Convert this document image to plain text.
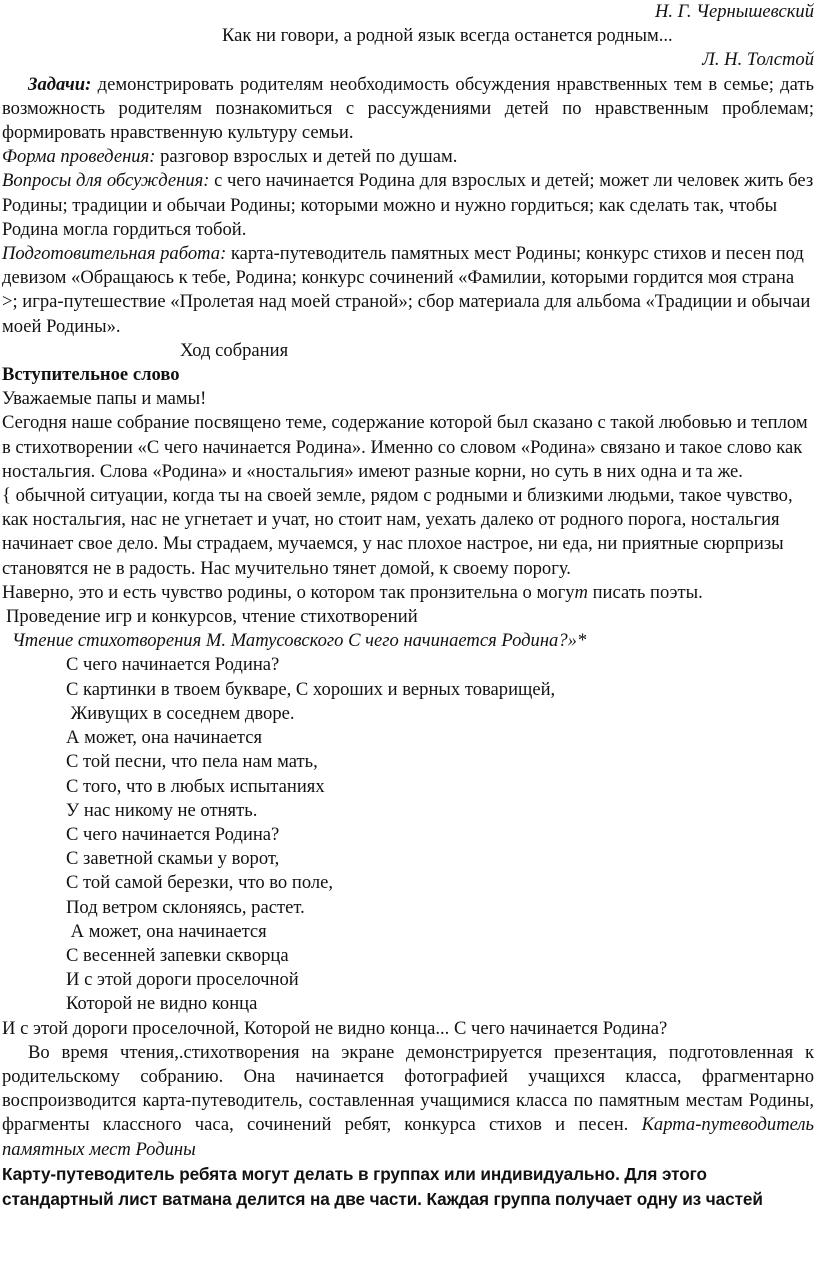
Н. Г. Чернышевский

Как ни говори, а родной язык всегда останется родным...

Л. Н. Толстой

Задачи: демонстрировать родителям необходимость обсуждения нравственных тем в семье; дать возможность родителям познакомиться с рассуждениями детей по нравственным проблемам; формировать нравственную культуру семьи.

Форма проведения: разговор взрослых и детей по душам.

Вопросы для обсуждения: с чего начинается Родина для взрослых и детей; может ли человек жить без Родины; традиции и обычаи Родины; которыми можно и нужно гордиться; как сделать так, чтобы Родина могла гордиться тобой.

Подготовительная работа: карта-путеводитель памятных мест Родины; конкурс стихов и песен под девизом «Обращаюсь к тебе, Родина; конкурс сочинений «Фамилии, которыми гордится моя страна >; игра-путешествие «Пролетая над моей страной»; сбор материала для альбома «Традиции и обычаи моей Родины».

Ход собрания

Вступительное слово

Уважаемые папы и мамы!

Сегодня наше собрание посвящено теме, содержание которой был сказано с такой любовью и теплом в стихотворении «С чего начинается Родина». Именно со словом «Родина» связано и такое слово как ностальгия. Слова «Родина» и «ностальгия» имеют разные корни, но суть в них одна и та же.

{ обычной ситуации, когда ты на своей земле, рядом с родными и близкими людьми, такое чувство, как ностальгия, нас не угнетает и учат, но стоит нам, уехать далеко от родного порога, ностальгия начинает свое дело. Мы страдаем, мучаемся, у нас плохое настрое, ни еда, ни приятные сюрпризы становятся не в радость. Нас мучительно тянет домой, к своему порогу.

Наверно, это и есть чувство родины, о котором так пронзительна о могут писать поэты.

Проведение игр и конкурсов, чтение стихотворений

Чтение стихотворения М. Матусовского С чего начинается Родина?»*

С чего начинается Родина?

С картинки в твоем букваре, С хороших и верных товарищей,

Живущих в соседнем дворе.

А может, она начинается

С той песни, что пела нам мать,

С того, что в любых испытаниях

У нас никому не отнять.

С чего начинается Родина?

С заветной скамьи у ворот,

С той самой березки, что во поле,

Под ветром склоняясь, растет.

А может, она начинается

С весенней запевки скворца

И с этой дороги проселочной

Которой не видно конца

И с этой дороги проселочной, Которой не видно конца... С чего начинается Родина?

Во время чтения,.стихотворения на экране демонстрируется презентация, подготовленная к родительскому собранию. Она начинается фотографией учащихся класса, фрагментарно воспроизводится карта-путеводитель, составленная учащимися класса по памятным местам Родины, фрагменты классного часа, сочинений ребят, конкурса стихов и песен. Карта-путеводитель памятных мест Родины

Карту-путеводитель ребята могут делать в группах или индивидуально. Для этого стандартный лист ватмана делится на две части. Каждая группа получает одну из частей
